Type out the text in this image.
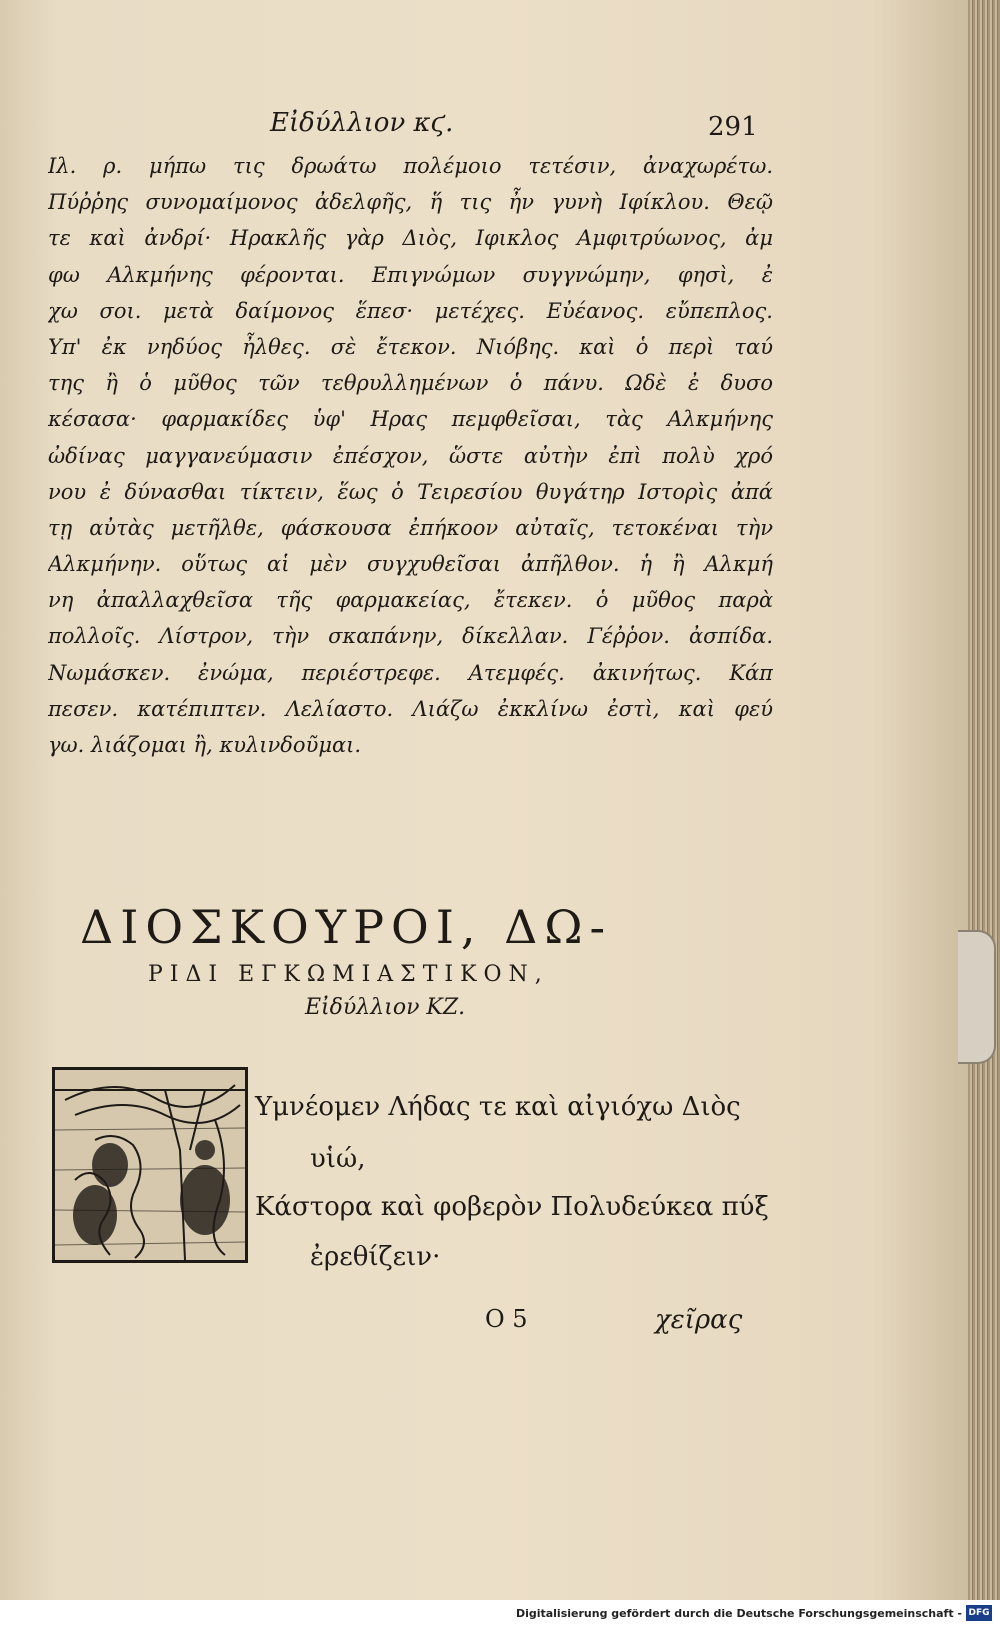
Εἰδύλλιον κϛ.	291
Ιλ. ρ. μήπω τις δρωάτω πολέμοιο τετέσιν, ἀναχωρέτω.
Πύῤῥης συνομαίμονος ἀδελφῆς, ἥ τις ἦν γυνὴ Ιφίκλου. Θεῷ
τε καὶ ἀνδρί· Ηρακλῆς γὰρ Διὸς, Ιφικλος Αμφιτρύωνος, ἀμ
φω Αλκμήνης φέρονται. Επιγνώμων συγγνώμην, φησὶ, ἐ
χω σοι. μετὰ δαίμονος ἕπεσ· μετέχες. Εὐέανος. εὔπεπλος.
Υπ' ἐκ νηδύος ἦλθες. σὲ ἔτεκον. Νιόβης. καὶ ὁ περὶ ταύ
της ἢ ὁ μῦθος τῶν τεθρυλλημένων ὁ πάνυ. Ωδὲ ἐ δυσο
κέσασα· φαρμακίδες ὑφ' Ηρας πεμφθεῖσαι, τὰς Αλκμήνης
ὠδίνας μαγγανεύμασιν ἐπέσχον, ὥστε αὐτὴν ἐπὶ πολὺ χρό
νου ἐ δύνασθαι τίκτειν, ἕως ὁ Τειρεσίου θυγάτηρ Ιστορὶς ἀπά
τῃ αὐτὰς μετῆλθε, φάσκουσα ἐπήκοον αὐταῖς, τετοκέναι τὴν
Αλκμήνην. οὕτως αἱ μὲν συγχυθεῖσαι ἀπῆλθον. ἡ ἢ Αλκμή
νη ἀπαλλαχθεῖσα τῆς φαρμακείας, ἔτεκεν. ὁ μῦθος παρὰ
πολλοῖς. Λίστρον, τὴν σκαπάνην, δίκελλαν. Γέῤῥον. ἀσπίδα.
Νωμάσκεν. ἐνώμα, περιέστρεφε. Ατεμφές. ἀκινήτως. Κάπ
πεσεν. κατέπιπτεν. Λελίαστο. Λιάζω ἐκκλίνω ἐστὶ, καὶ φεύ
γω. λιάζομαι ἢ, κυλινδοῦμαι.
ΔΙΟΣΚΟΥΡΟΙ, ΔΩ-
ΡΙΔΙ ΕΓΚΩΜΙΑΣΤΙΚΟΝ,
Εἰδύλλιον ΚΖ.
Υμνέομεν Λήδας τε καὶ αἰγιόχω Διὸς
υἱώ,
Κάστορα καὶ φοβερὸν Πολυδεύκεα πύξ
ἐρεθίζειν·
O 5	χεῖρας
Digitalisierung gefördert durch die Deutsche Forschungsgemeinschaft - DFG
